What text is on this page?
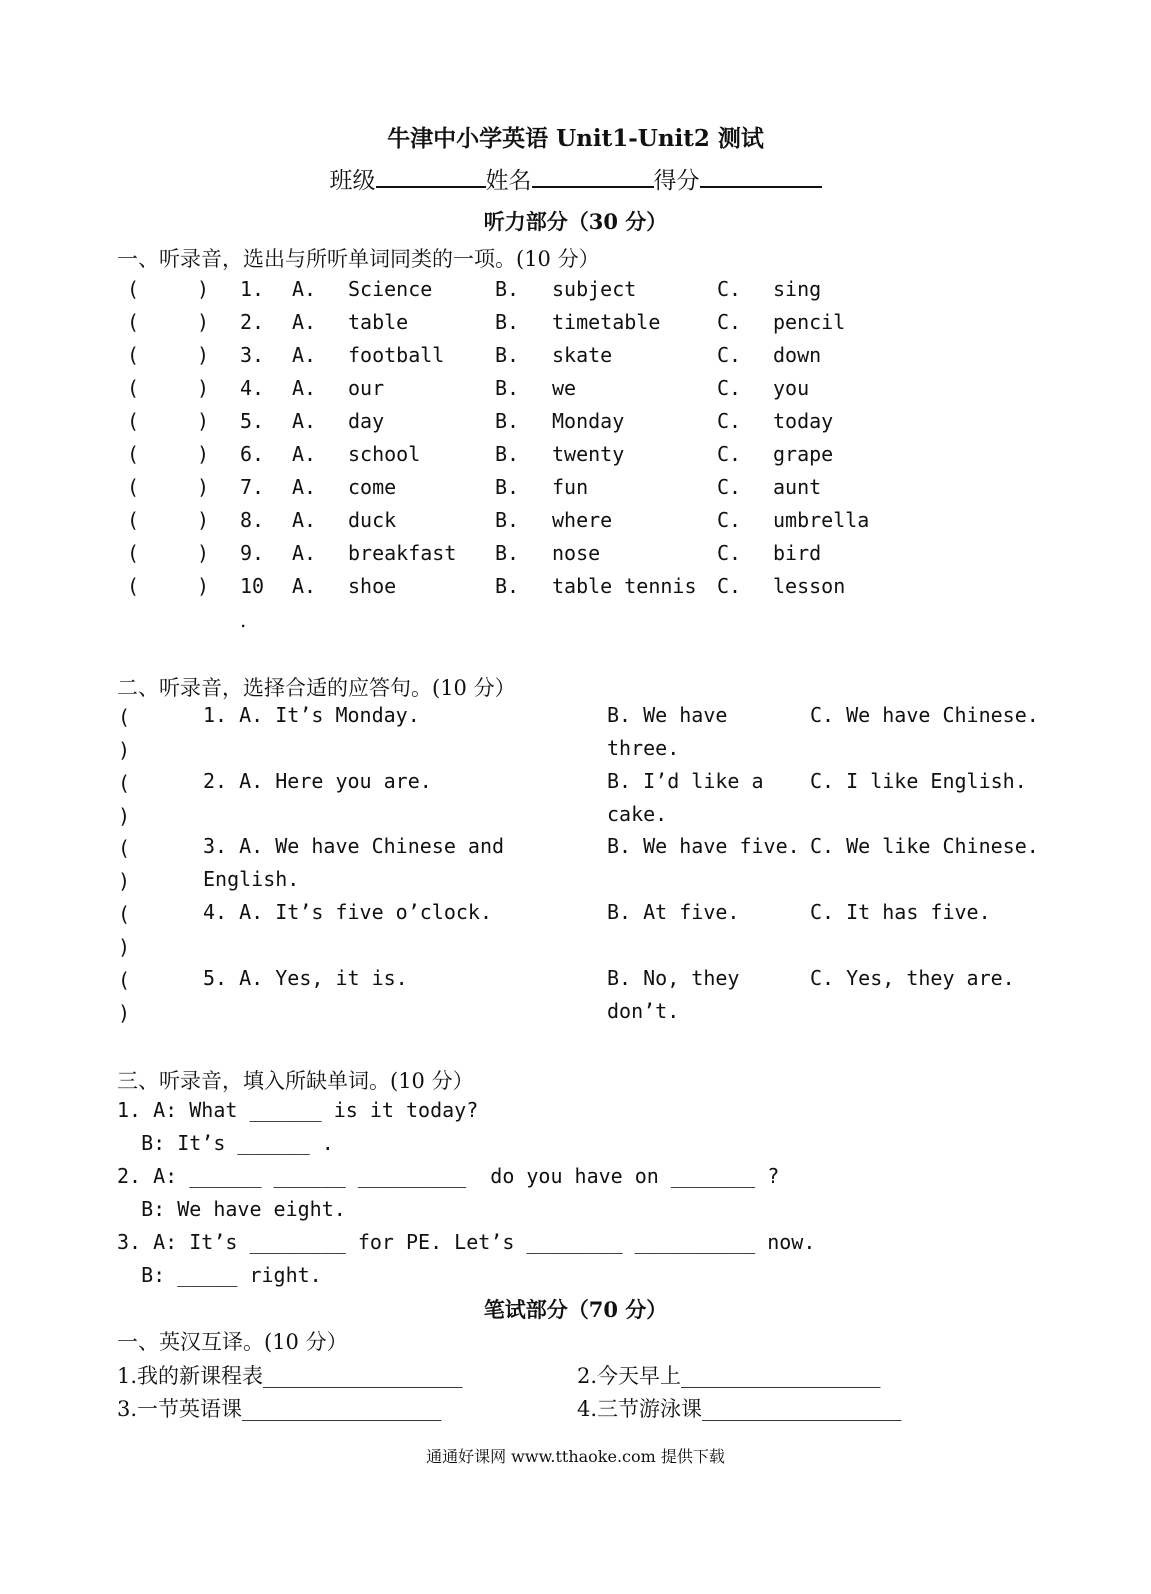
牛津中小学英语 Unit1-Unit2 测试
班级	姓名	得分
听力部分（30 分）
一、听录音，选出与所听单词同类的一项。(10 分）
(	) 1. A. Science	B. subject	C. sing
(	) 2. A. table	B. timetable	C. pencil
(	) 3. A. football	B. skate	C. down
(	) 4. A. our	B. we	C. you
(	) 5. A. day	B. Monday	C. today
(	) 6. A. school	B. twenty	C. grape
(	) 7. A. come	B. fun	C. aunt
(	) 8. A. duck	B. where	C. umbrella
(	) 9. A. breakfast B. nose	C. bird
(	) 10 A. shoe	B. table tennis C. lesson
.
二、听录音，选择合适的应答句。(10 分）
(
)
1. A. It’s Monday.	B. We have three.
C. We have Chinese.
(
)
2. A. Here you are.	B. I’d like a cake.
C. I like English.
(
)
3. A. We have Chinese and English.
B. We have five. C. We like Chinese.
(
)
4. A. It’s five o’clock.	B. At five.	C. It has five.
(
)
5. A. Yes, it is.	B. No, they don’t.
C. Yes, they are.
三、听录音，填入所缺单词。(10 分）
1. A: What ______ is it today?
B: It’s ______ .
2. A: ______ ______ _________  do you have on _______ ?
B: We have eight.
3. A: It’s ________ for PE. Let’s ________ __________ now.
B: _____ right.
笔试部分（70 分）
一、英汉互译。(10 分）
1.我的新课程表___________________	2.今天早上___________________
3.一节英语课___________________	4.三节游泳课___________________
通通好课网 www.tthaoke.com 提供下载
